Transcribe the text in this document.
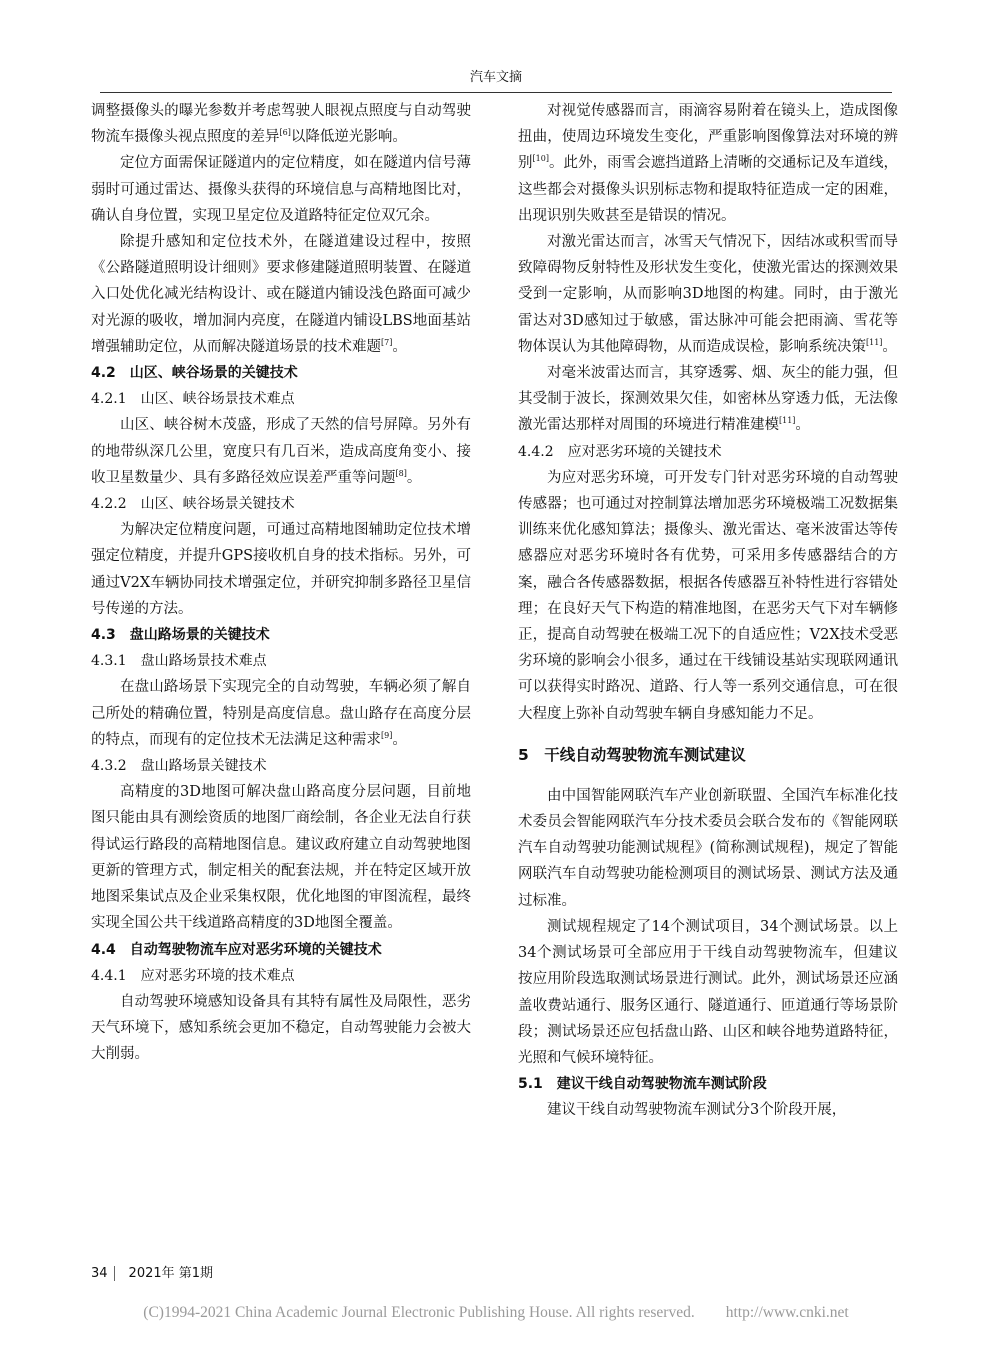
汽车文摘

调整摄像头的曝光参数并考虑驾驶人眼视点照度与自动驾驶物流车摄像头视点照度的差异[6]以降低逆光影响。

定位方面需保证隧道内的定位精度，如在隧道内信号薄弱时可通过雷达、摄像头获得的环境信息与高精地图比对，确认自身位置，实现卫星定位及道路特征定位双冗余。

除提升感知和定位技术外，在隧道建设过程中，按照《公路隧道照明设计细则》要求修建隧道照明装置、在隧道入口处优化减光结构设计、或在隧道内铺设浅色路面可减少对光源的吸收，增加洞内亮度，在隧道内铺设LBS地面基站增强辅助定位，从而解决隧道场景的技术难题[7]。

4.2　山区、峡谷场景的关键技术

4.2.1　山区、峡谷场景技术难点

山区、峡谷树木茂盛，形成了天然的信号屏障。另外有的地带纵深几公里，宽度只有几百米，造成高度角变小、接收卫星数量少、具有多路径效应误差严重等问题[8]。

4.2.2　山区、峡谷场景关键技术

为解决定位精度问题，可通过高精地图辅助定位技术增强定位精度，并提升GPS接收机自身的技术指标。另外，可通过V2X车辆协同技术增强定位，并研究抑制多路径卫星信号传递的方法。

4.3　盘山路场景的关键技术

4.3.1　盘山路场景技术难点

在盘山路场景下实现完全的自动驾驶，车辆必须了解自己所处的精确位置，特别是高度信息。盘山路存在高度分层的特点，而现有的定位技术无法满足这种需求[9]。

4.3.2　盘山路场景关键技术

高精度的3D地图可解决盘山路高度分层问题，目前地图只能由具有测绘资质的地图厂商绘制，各企业无法自行获得试运行路段的高精地图信息。建议政府建立自动驾驶地图更新的管理方式，制定相关的配套法规，并在特定区域开放地图采集试点及企业采集权限，优化地图的审图流程，最终实现全国公共干线道路高精度的3D地图全覆盖。

4.4　自动驾驶物流车应对恶劣环境的关键技术

4.4.1　应对恶劣环境的技术难点

自动驾驶环境感知设备具有其特有属性及局限性，恶劣天气环境下，感知系统会更加不稳定，自动驾驶能力会被大大削弱。

对视觉传感器而言，雨滴容易附着在镜头上，造成图像扭曲，使周边环境发生变化，严重影响图像算法对环境的辨别[10]。此外，雨雪会遮挡道路上清晰的交通标记及车道线，这些都会对摄像头识别标志物和提取特征造成一定的困难，出现识别失败甚至是错误的情况。

对激光雷达而言，冰雪天气情况下，因结冰或积雪而导致障碍物反射特性及形状发生变化，使激光雷达的探测效果受到一定影响，从而影响3D地图的构建。同时，由于激光雷达对3D感知过于敏感，雷达脉冲可能会把雨滴、雪花等物体误认为其他障碍物，从而造成误检，影响系统决策[11]。

对毫米波雷达而言，其穿透雾、烟、灰尘的能力强，但其受制于波长，探测效果欠佳，如密林丛穿透力低，无法像激光雷达那样对周围的环境进行精准建模[11]。

4.4.2　应对恶劣环境的关键技术

为应对恶劣环境，可开发专门针对恶劣环境的自动驾驶传感器；也可通过对控制算法增加恶劣环境极端工况数据集训练来优化感知算法；摄像头、激光雷达、毫米波雷达等传感器应对恶劣环境时各有优势，可采用多传感器结合的方案，融合各传感器数据，根据各传感器互补特性进行容错处理；在良好天气下构造的精准地图，在恶劣天气下对车辆修正，提高自动驾驶在极端工况下的自适应性；V2X技术受恶劣环境的影响会小很多，通过在干线铺设基站实现联网通讯可以获得实时路况、道路、行人等一系列交通信息，可在很大程度上弥补自动驾驶车辆自身感知能力不足。

5　干线自动驾驶物流车测试建议

由中国智能网联汽车产业创新联盟、全国汽车标准化技术委员会智能网联汽车分技术委员会联合发布的《智能网联汽车自动驾驶功能测试规程》(简称测试规程)，规定了智能网联汽车自动驾驶功能检测项目的测试场景、测试方法及通过标准。

测试规程规定了14个测试项目，34个测试场景。以上34个测试场景可全部应用于干线自动驾驶物流车，但建议按应用阶段选取测试场景进行测试。此外，测试场景还应涵盖收费站通行、服务区通行、隧道通行、匝道通行等场景阶段；测试场景还应包括盘山路、山区和峡谷地势道路特征，光照和气候环境特征。

5.1　建议干线自动驾驶物流车测试阶段

建议干线自动驾驶物流车测试分3个阶段开展，

34 2021年 第1期
(C)1994-2021 China Academic Journal Electronic Publishing House. All rights reserved.　　http://www.cnki.net
